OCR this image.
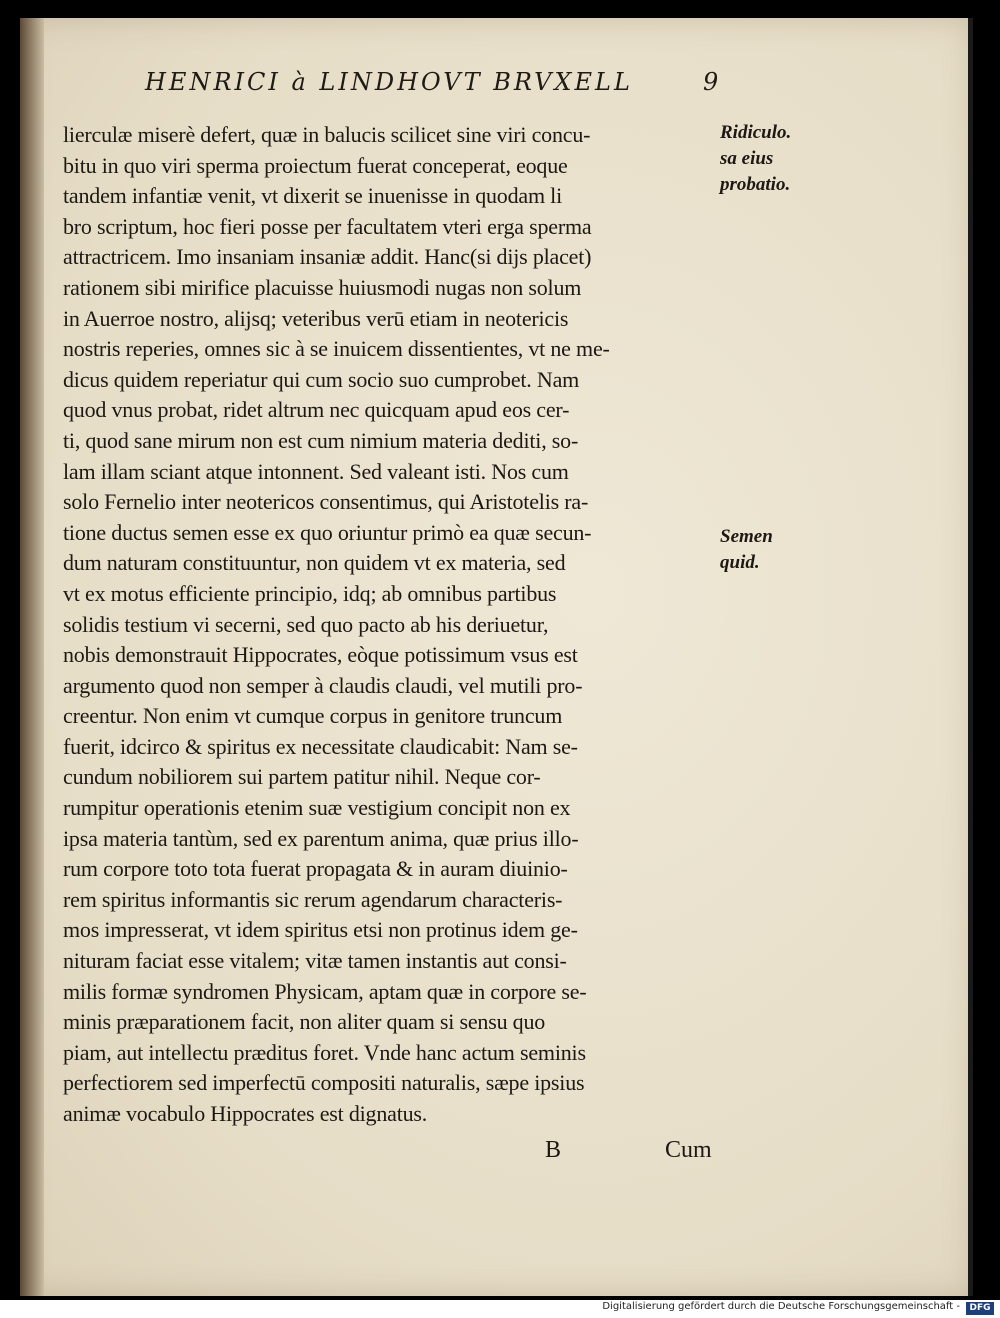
HENRICI à LINDHOVT BRVXELL	9
lierculæ miserè defert, quæ in balucis scilicet sine viri concu-
bitu in quo viri sperma proiectum fuerat conceperat, eoque
tandem infantiæ venit, vt dixerit se inuenisse in quodam li
bro scriptum, hoc fieri posse per facultatem vteri erga sperma
attractricem. Imo insaniam insaniæ addit. Hanc(si dijs placet)
rationem sibi mirifice placuisse huiusmodi nugas non solum
in Auerroe nostro, alijsq; veteribus verū etiam in neotericis
nostris reperies, omnes sic à se inuicem dissentientes, vt ne me-
dicus quidem reperiatur qui cum socio suo cumprobet. Nam
quod vnus probat, ridet altrum nec quicquam apud eos cer-
ti, quod sane mirum non est cum nimium materia dediti, so-
lam illam sciant atque intonnent. Sed valeant isti. Nos cum
solo Fernelio inter neotericos consentimus, qui Aristotelis ra-
tione ductus semen esse ex quo oriuntur primò ea quæ secun-
dum naturam constituuntur, non quidem vt ex materia, sed
vt ex motus efficiente principio, idq; ab omnibus partibus
solidis testium vi secerni, sed quo pacto ab his deriuetur,
nobis demonstrauit Hippocrates, eòque potissimum vsus est
argumento quod non semper à claudis claudi, vel mutili pro-
creentur. Non enim vt cumque corpus in genitore truncum
fuerit, idcirco & spiritus ex necessitate claudicabit: Nam se-
cundum nobiliorem sui partem patitur nihil. Neque cor-
rumpitur operationis etenim suæ vestigium concipit non ex
ipsa materia tantùm, sed ex parentum anima, quæ prius illo-
rum corpore toto tota fuerat propagata & in auram diuinio-
rem spiritus informantis sic rerum agendarum characteris-
mos impresserat, vt idem spiritus etsi non protinus idem ge-
nituram faciat esse vitalem; vitæ tamen instantis aut consi-
milis formæ syndromen Physicam, aptam quæ in corpore se-
minis præparationem facit, non aliter quam si sensu quo
piam, aut intellectu præditus foret. Vnde hanc actum seminis
perfectiorem sed imperfectū compositi naturalis, sæpe ipsius
animæ vocabulo Hippocrates est dignatus.
Ridiculo.
sa eius
probatio.
Semen
quid.
B	Cum
Digitalisierung gefördert durch die Deutsche Forschungsgemeinschaft -	DFG
